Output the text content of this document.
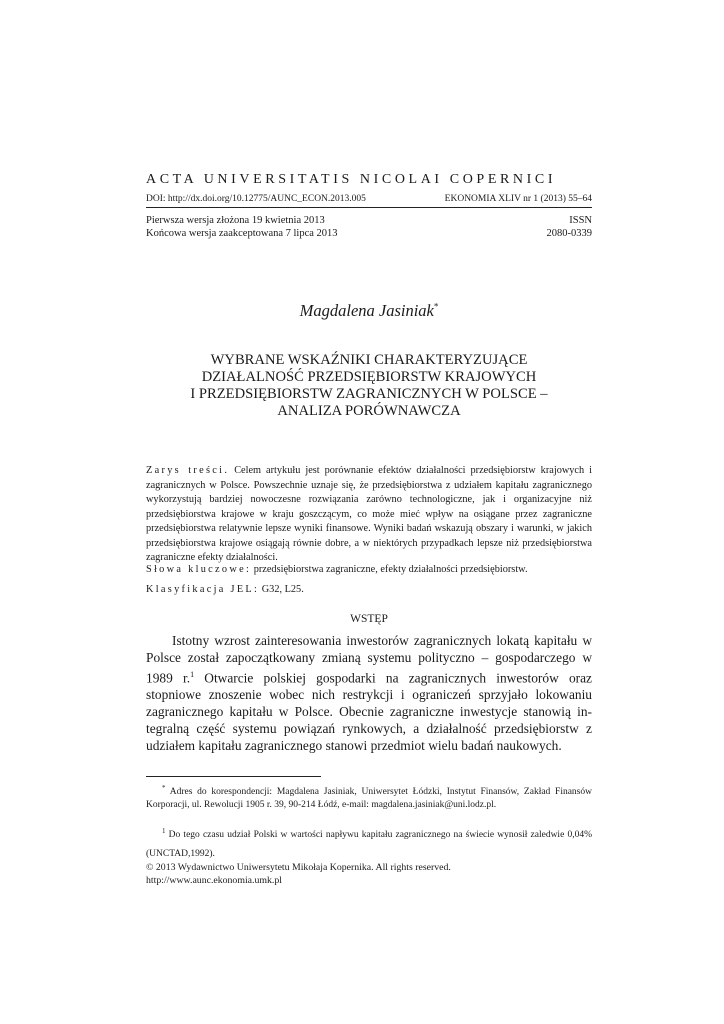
ACTA UNIVERSITATIS NICOLAI COPERNICI
DOI: http://dx.doi.org/10.12775/AUNC_ECON.2013.005	EKONOMIA XLIV nr 1 (2013) 55–64
Pierwsza wersja złożona 19 kwietnia 2013
Końcowa wersja zaakceptowana 7 lipca 2013
ISSN
2080-0339
Magdalena Jasiniak*
WYBRANE WSKAŹNIKI CHARAKTERYZUJĄCE
DZIAŁALNOŚĆ PRZEDSIĘBIORSTW KRAJOWYCH
I PRZEDSIĘBIORSTW ZAGRANICZNYCH W POLSCE –
ANALIZA PORÓWNAWCZA
Zarys treści. Celem artykułu jest porównanie efektów działalności przedsiębiorstw krajowych i zagranicznych w Polsce. Powszechnie uznaje się, że przedsiębiorstwa z udziałem kapitału zagranicznego wykorzystują bardziej nowoczesne rozwiązania zarówno technologiczne, jak i organizacyjne niż przedsiębiorstwa krajowe w kraju goszczącym, co może mieć wpływ na osiągane przez zagraniczne przedsiębiorstwa relatywnie lepsze wyniki finansowe. Wyniki badań wskazują obszary i warunki, w jakich przedsiębiorstwa krajowe osiągają równie dobre, a w niektórych przypadkach lepsze niż przedsiębiorstwa zagraniczne efekty działalności.
Słowa kluczowe: przedsiębiorstwa zagraniczne, efekty działalności przedsiębiorstw.
Klasyfikacja JEL: G32, L25.
WSTĘP

Istotny wzrost zainteresowania inwestorów zagranicznych lokatą kapitału w Polsce został zapoczątkowany zmianą systemu polityczno – gospodarczego w 1989 r.$^1$ Otwarcie polskiej gospodarki na zagranicznych inwestorów oraz stopniowe znoszenie wobec nich restrykcji i ograniczeń sprzyjało lokowaniu zagranicznego kapitału w Polsce. Obecnie zagraniczne inwestycje stanowią integralną część systemu powiązań rynkowych, a działalność przedsiębiorstw z udziałem kapitału zagranicznego stanowi przedmiot wielu badań naukowych.

* Adres do korespondencji: Magdalena Jasiniak, Uniwersytet Łódzki, Instytut Finansów, Zakład Finansów Korporacji, ul. Rewolucji 1905 r. 39, 90-214 Łódź, e-mail: magdalena.jasiniak@uni.lodz.pl.

$^1$ Do tego czasu udział Polski w wartości napływu kapitału zagranicznego na świecie wynosił zaledwie 0,04% (UNCTAD,1992).

© 2013 Wydawnictwo Uniwersytetu Mikołaja Kopernika. All rights reserved.
http://www.aunc.ekonomia.umk.pl
